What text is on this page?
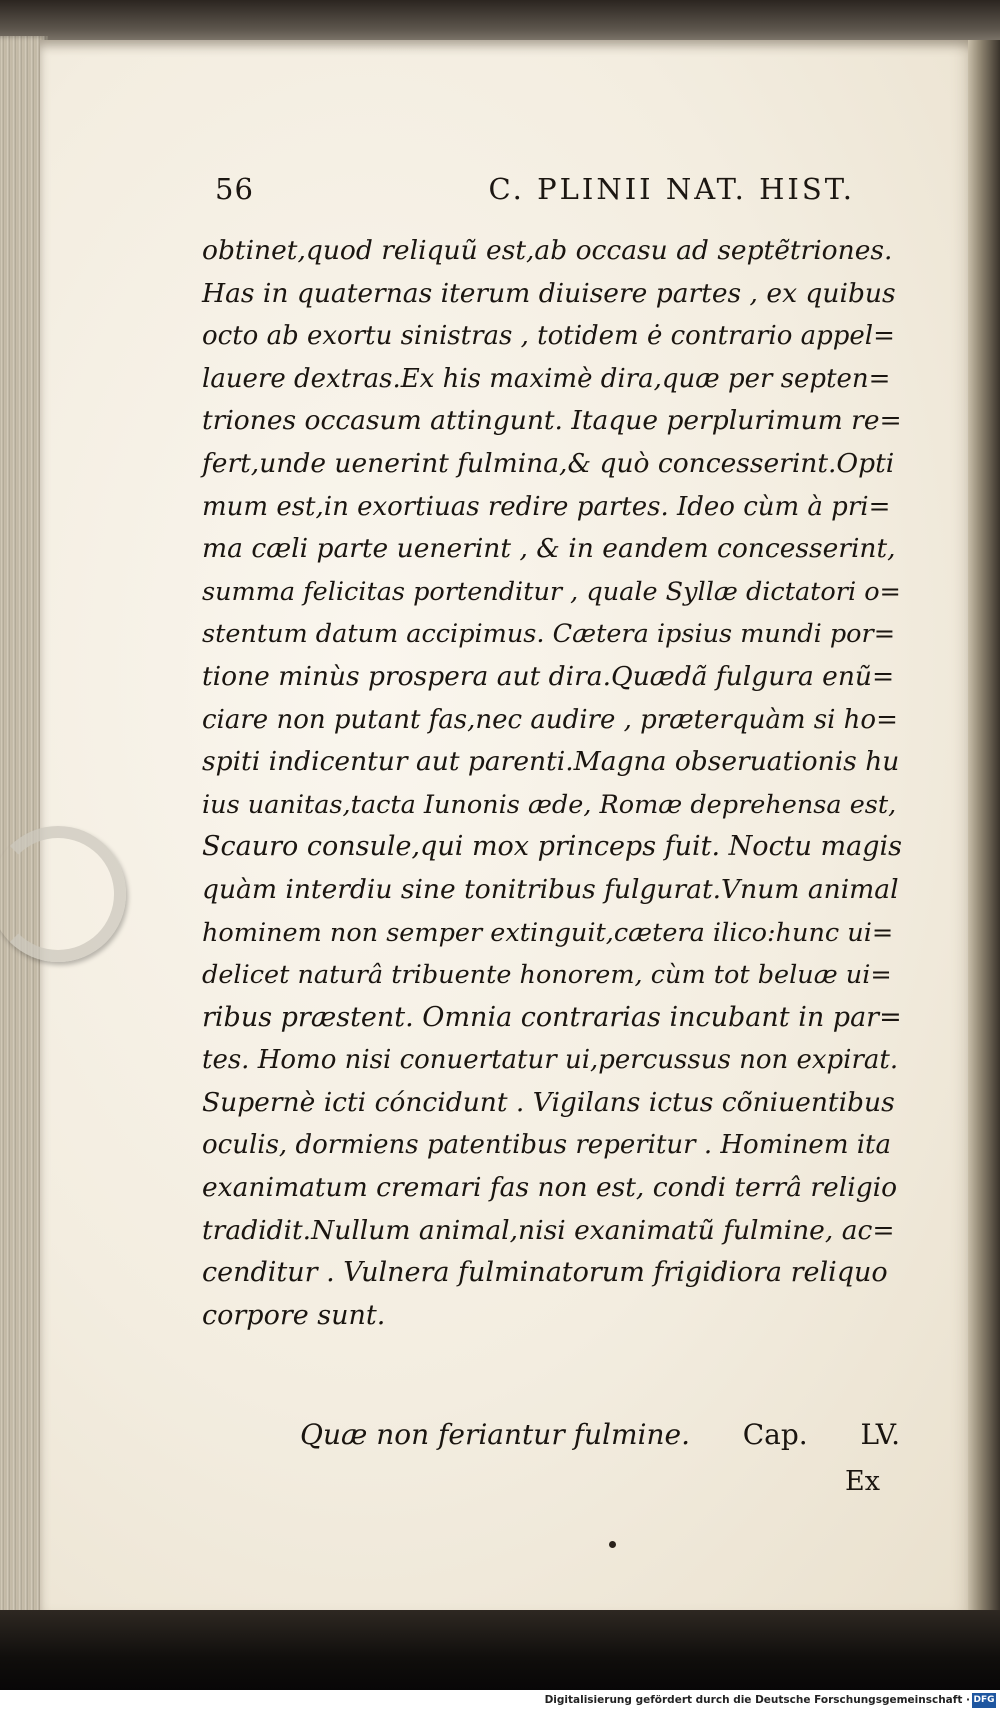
56	C. PLINII NAT. HIST.
obtinet,quod reliquũ est,ab occasu ad septẽtriones.
Has in quaternas iterum diuisere partes , ex quibus
octo ab exortu sinistras , totidem ė contrario appel=
lauere dextras.Ex his maximè dira,quæ per septen=
triones occasum attingunt. Itaque perplurimum re=
fert,unde uenerint fulmina,& quò concesserint.Opti
mum est,in exortiuas redire partes. Ideo cùm à pri=
ma cæli parte uenerint , & in eandem concesserint,
summa felicitas portenditur , quale Syllæ dictatori o=
stentum datum accipimus. Cætera ipsius mundi por=
tione minùs prospera aut dira.Quædã fulgura enũ=
ciare non putant fas,nec audire , præterquàm si ho=
spiti indicentur aut parenti.Magna obseruationis hu
ius uanitas,tacta Iunonis æde, Romæ deprehensa est,
Scauro consule,qui mox princeps fuit. Noctu magis
quàm interdiu sine tonitribus fulgurat.Vnum animal
hominem non semper extinguit,cætera ilico:hunc ui=
delicet naturâ tribuente honorem, cùm tot beluæ ui=
ribus præstent. Omnia contrarias incubant in par=
tes. Homo nisi conuertatur ui,percussus non expirat.
Supernè icti cóncidunt . Vigilans ictus cõniuentibus
oculis, dormiens patentibus reperitur . Hominem ita
exanimatum cremari fas non est, condi terrâ religio
tradidit.Nullum animal,nisi exanimatũ fulmine, ac=
cenditur . Vulnera fulminatorum frigidiora reliquo
corpore sunt.
Quæ non feriantur fulmine. Cap. LV.
Ex
Digitalisierung gefördert durch die Deutsche Forschungsgemeinschaft · DFG
